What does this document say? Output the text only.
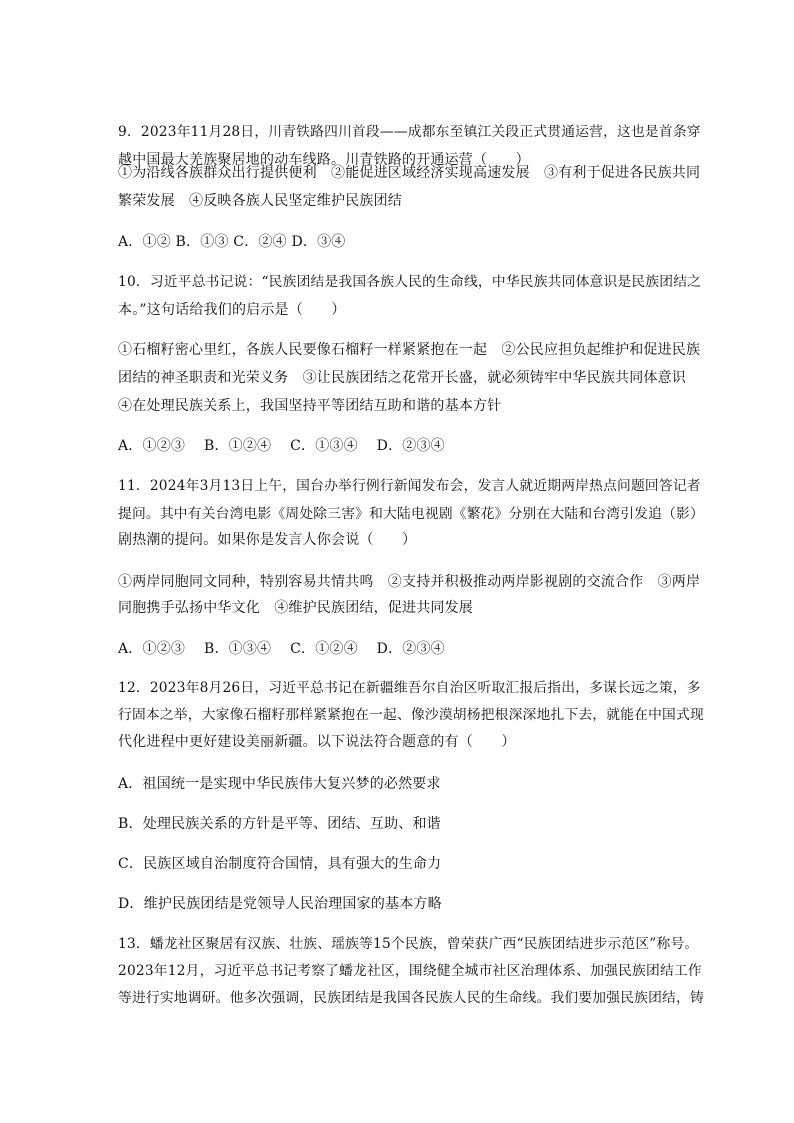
9．2023年11月28日，川青铁路四川首段——成都东至镇江关段正式贯通运营，这也是首条穿
越中国最大羌族聚居地的动车线路。川青铁路的开通运营（　　）
①为沿线各族群众出行提供便利　②能促进区域经济实现高速发展　③有利于促进各民族共同
繁荣发展　④反映各族人民坚定维护民族团结
A．①② B．①③ C．②④ D．③④
10．习近平总书记说：“民族团结是我国各族人民的生命线，中华民族共同体意识是民族团结之
本。”这句话给我们的启示是（　　）
①石榴籽密心里红，各族人民要像石榴籽一样紧紧抱在一起　②公民应担负起维护和促进民族
团结的神圣职责和光荣义务　③让民族团结之花常开长盛，就必须铸牢中华民族共同体意识
④在处理民族关系上，我国坚持平等团结互助和谐的基本方针
A．①②③　 B．①②④　 C．①③④　 D．②③④
11．2024年3月13日上午，国台办举行例行新闻发布会，发言人就近期两岸热点问题回答记者
提问。其中有关台湾电影《周处除三害》和大陆电视剧《繁花》分别在大陆和台湾引发追（影）
剧热潮的提问。如果你是发言人你会说（　　）
①两岸同胞同文同种，特别容易共情共鸣　②支持并积极推动两岸影视剧的交流合作　③两岸
同胞携手弘扬中华文化　④维护民族团结，促进共同发展
A．①②③　 B．①③④　 C．①②④　 D．②③④
12．2023年8月26日，习近平总书记在新疆维吾尔自治区听取汇报后指出，多谋长远之策，多
行固本之举，大家像石榴籽那样紧紧抱在一起、像沙漠胡杨把根深深地扎下去，就能在中国式现
代化进程中更好建设美丽新疆。以下说法符合题意的有（　　）
A．祖国统一是实现中华民族伟大复兴梦的必然要求
B．处理民族关系的方针是平等、团结、互助、和谐
C．民族区域自治制度符合国情，具有强大的生命力
D．维护民族团结是党领导人民治理国家的基本方略
13．蟠龙社区聚居有汉族、壮族、瑶族等15个民族，曾荣获广西“民族团结进步示范区”称号。
2023年12月，习近平总书记考察了蟠龙社区，围绕健全城市社区治理体系、加强民族团结工作
等进行实地调研。他多次强调，民族团结是我国各民族人民的生命线。我们要加强民族团结，铸
